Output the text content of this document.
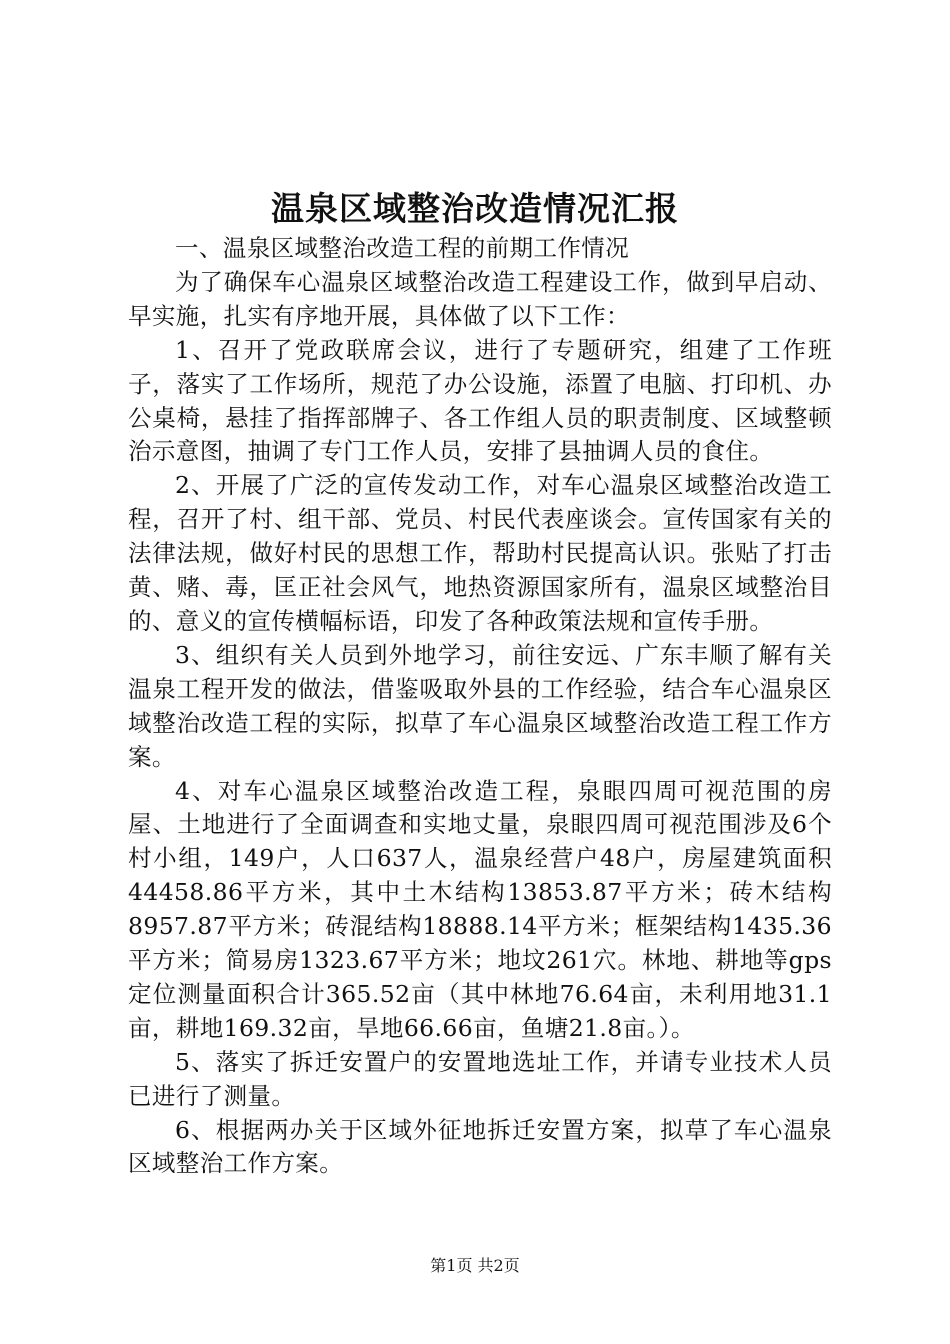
温泉区域整治改造情况汇报

一、温泉区域整治改造工程的前期工作情况

为了确保车心温泉区域整治改造工程建设工作，做到早启动、早实施，扎实有序地开展，具体做了以下工作：

1、召开了党政联席会议，进行了专题研究，组建了工作班子，落实了工作场所，规范了办公设施，添置了电脑、打印机、办公桌椅，悬挂了指挥部牌子、各工作组人员的职责制度、区域整顿治示意图，抽调了专门工作人员，安排了县抽调人员的食住。

2、开展了广泛的宣传发动工作，对车心温泉区域整治改造工程，召开了村、组干部、党员、村民代表座谈会。宣传国家有关的法律法规，做好村民的思想工作，帮助村民提高认识。张贴了打击黄、赌、毒，匡正社会风气，地热资源国家所有，温泉区域整治目的、意义的宣传横幅标语，印发了各种政策法规和宣传手册。

3、组织有关人员到外地学习，前往安远、广东丰顺了解有关温泉工程开发的做法，借鉴吸取外县的工作经验，结合车心温泉区域整治改造工程的实际，拟草了车心温泉区域整治改造工程工作方案。

4、对车心温泉区域整治改造工程，泉眼四周可视范围的房屋、土地进行了全面调查和实地丈量，泉眼四周可视范围涉及6个村小组，149户，人口637人，温泉经营户48户，房屋建筑面积44458.86平方米，其中土木结构13853.87平方米；砖木结构8957.87平方米；砖混结构18888.14平方米；框架结构1435.36平方米；简易房1323.67平方米；地坟261穴。林地、耕地等gps定位测量面积合计365.52亩（其中林地76.64亩，未利用地31.1亩，耕地169.32亩，旱地66.66亩，鱼塘21.8亩。）。

5、落实了拆迁安置户的安置地选址工作，并请专业技术人员已进行了测量。

6、根据两办关于区域外征地拆迁安置方案，拟草了车心温泉区域整治工作方案。

第1页 共2页
